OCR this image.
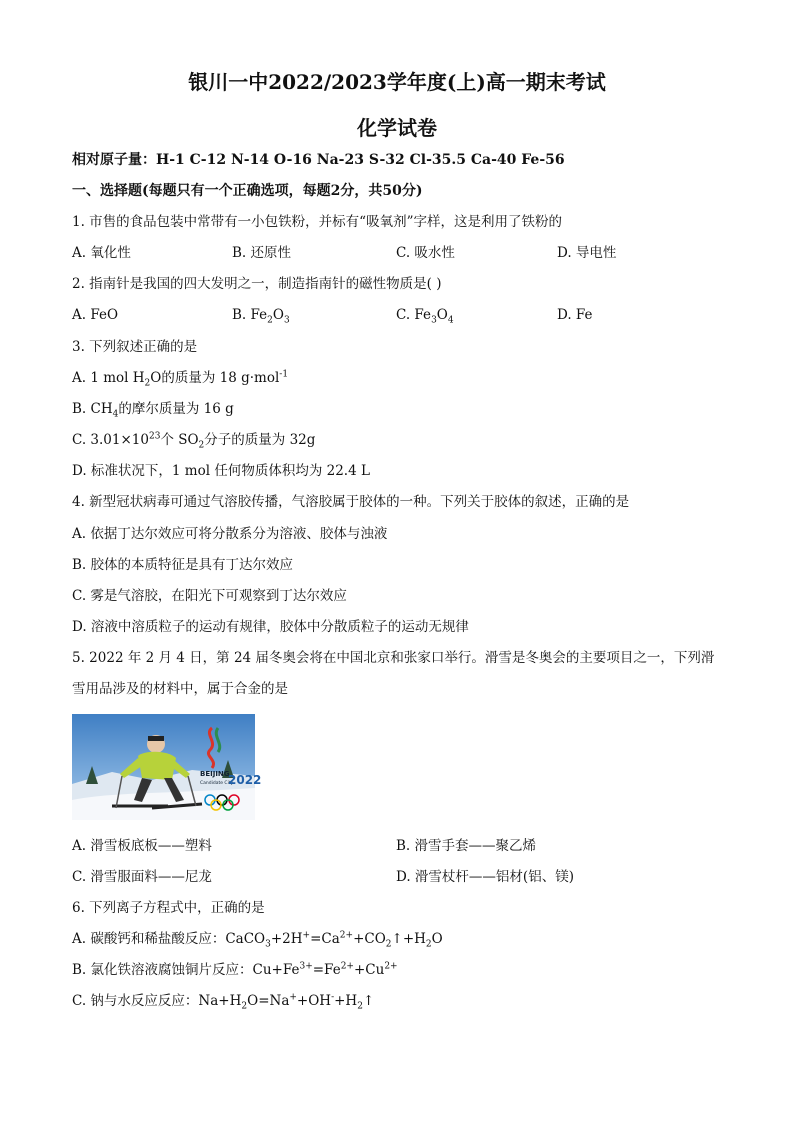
银川一中2022/2023学年度(上)高一期末考试
化学试卷
相对原子量：H-1 C-12 N-14 O-16 Na-23 S-32 Cl-35.5 Ca-40 Fe-56
一、选择题(每题只有一个正确选项，每题2分，共50分)
1. 市售的食品包装中常带有一小包铁粉，并标有“吸氧剂”字样，这是利用了铁粉的
A. 氧化性	B. 还原性	C. 吸水性	D. 导电性
2. 指南针是我国的四大发明之一，制造指南针的磁性物质是( )
A. FeO	B. $Fe_2O_3$	C. $Fe_3O_4$	D. Fe
3. 下列叙述正确的是
A. 1 mol $H_2O$的质量为 18 g·mol$^{-1}$
B. $CH_4$的摩尔质量为 16 g
C. $3.01\times 10^{23}$个 $SO_2$分子的质量为 32g
D. 标准状况下，1 mol 任何物质体积均为 22.4 L
4. 新型冠状病毒可通过气溶胶传播，气溶胶属于胶体的一种。下列关于胶体的叙述，正确的是
A. 依据丁达尔效应可将分散系分为溶液、胶体与浊液
B. 胶体的本质特征是具有丁达尔效应
C. 雾是气溶胶，在阳光下可观察到丁达尔效应
D. 溶液中溶质粒子的运动有规律，胶体中分散质粒子的运动无规律
5. 2022 年 2 月 4 日，第 24 届冬奥会将在中国北京和张家口举行。滑雪是冬奥会的主要项目之一，下列滑
雪用品涉及的材料中，属于合金的是
BEIJING
Candidate City
2022
A. 滑雪板底板——塑料	B. 滑雪手套——聚乙烯
C. 滑雪服面料——尼龙	D. 滑雪杖杆——铝材(铝、镁)
6. 下列离子方程式中，正确的是
A. 碳酸钙和稀盐酸反应：$CaCO_3+2H^+=Ca^{2+}+CO_2↑+H_2O$
B. 氯化铁溶液腐蚀铜片反应：$Cu+Fe^{3+}=Fe^{2+}+Cu^{2+}$
C. 钠与水反应反应：$Na+H_2O=Na^++OH^-+H_2↑$
